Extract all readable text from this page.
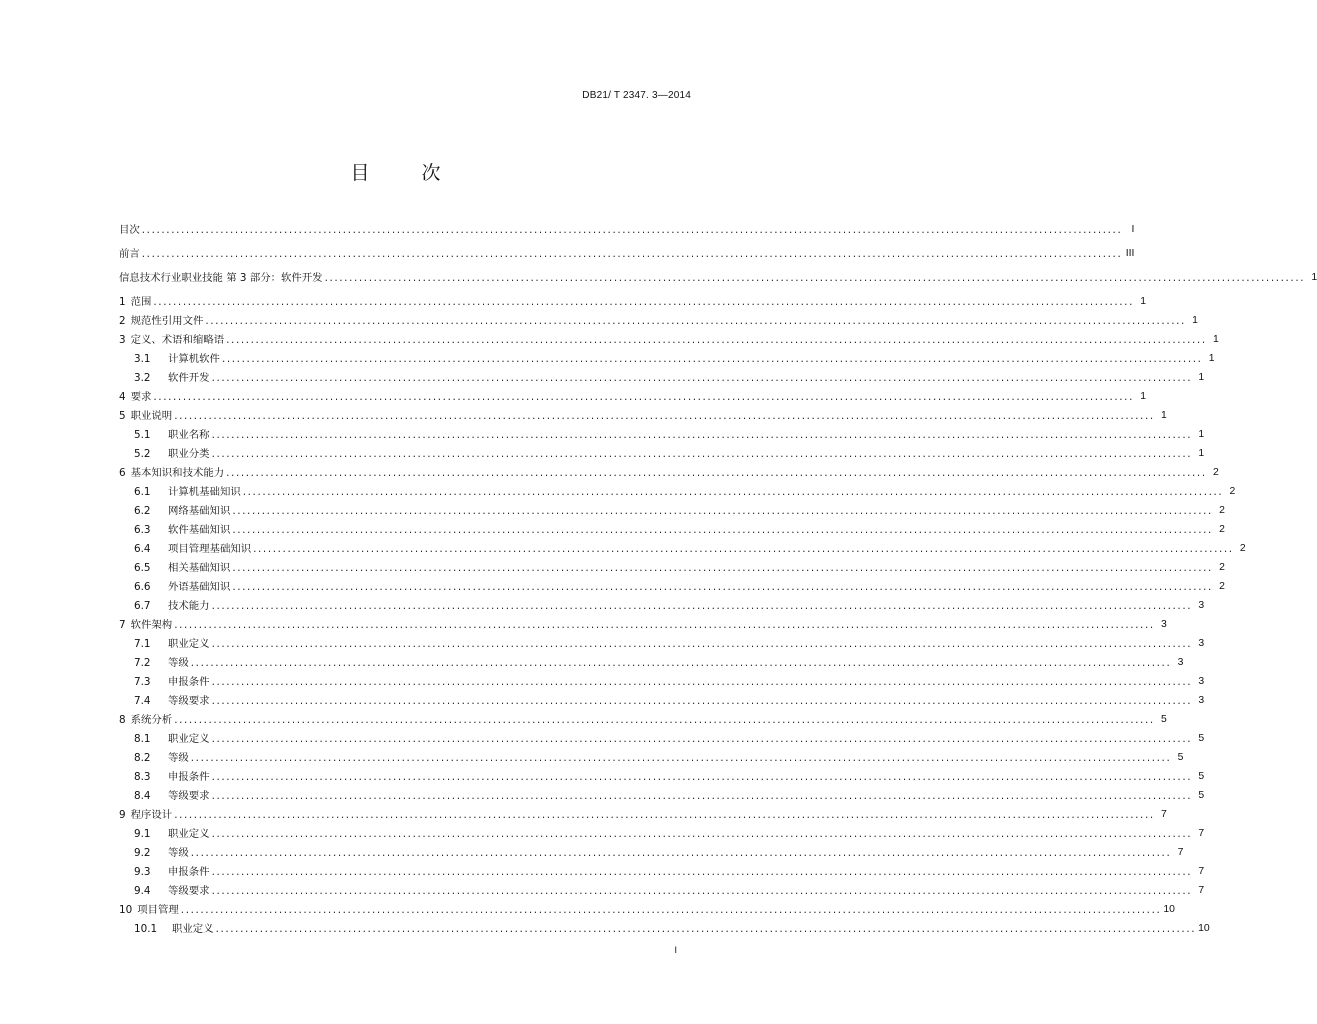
DB21/ T 2347. 3—2014
目	次
目次 ........................................................................................................................................................................................................ I
前言 ........................................................................................................................................................................................................ III
信息技术行业职业技能 第 3 部分：软件开发 ........................................................................................................................................................................................................ 1
1 范围 ........................................................................................................................................................................................................ 1
2 规范性引用文件 ........................................................................................................................................................................................................ 1
3 定义、术语和缩略语 ........................................................................................................................................................................................................ 1
3.1	计算机软件 ........................................................................................................................................................................................................ 1
3.2	软件开发 ........................................................................................................................................................................................................ 1
4 要求 ........................................................................................................................................................................................................ 1
5 职业说明 ........................................................................................................................................................................................................ 1
5.1	职业名称 ........................................................................................................................................................................................................ 1
5.2	职业分类 ........................................................................................................................................................................................................ 1
6 基本知识和技术能力 ........................................................................................................................................................................................................ 2
6.1	计算机基础知识 ........................................................................................................................................................................................................ 2
6.2	网络基础知识 ........................................................................................................................................................................................................ 2
6.3	软件基础知识 ........................................................................................................................................................................................................ 2
6.4	项目管理基础知识 ........................................................................................................................................................................................................ 2
6.5	相关基础知识 ........................................................................................................................................................................................................ 2
6.6	外语基础知识 ........................................................................................................................................................................................................ 2
6.7	技术能力 ........................................................................................................................................................................................................ 3
7 软件架构 ........................................................................................................................................................................................................ 3
7.1	职业定义 ........................................................................................................................................................................................................ 3
7.2	等级 ........................................................................................................................................................................................................ 3
7.3	申报条件 ........................................................................................................................................................................................................ 3
7.4	等级要求 ........................................................................................................................................................................................................ 3
8 系统分析 ........................................................................................................................................................................................................ 5
8.1	职业定义 ........................................................................................................................................................................................................ 5
8.2	等级 ........................................................................................................................................................................................................ 5
8.3	申报条件 ........................................................................................................................................................................................................ 5
8.4	等级要求 ........................................................................................................................................................................................................ 5
9 程序设计 ........................................................................................................................................................................................................ 7
9.1	职业定义 ........................................................................................................................................................................................................ 7
9.2	等级 ........................................................................................................................................................................................................ 7
9.3	申报条件 ........................................................................................................................................................................................................ 7
9.4	等级要求 ........................................................................................................................................................................................................ 7
10 项目管理 ........................................................................................................................................................................................................ 10
10.1	职业定义 ........................................................................................................................................................................................................ 10
I
